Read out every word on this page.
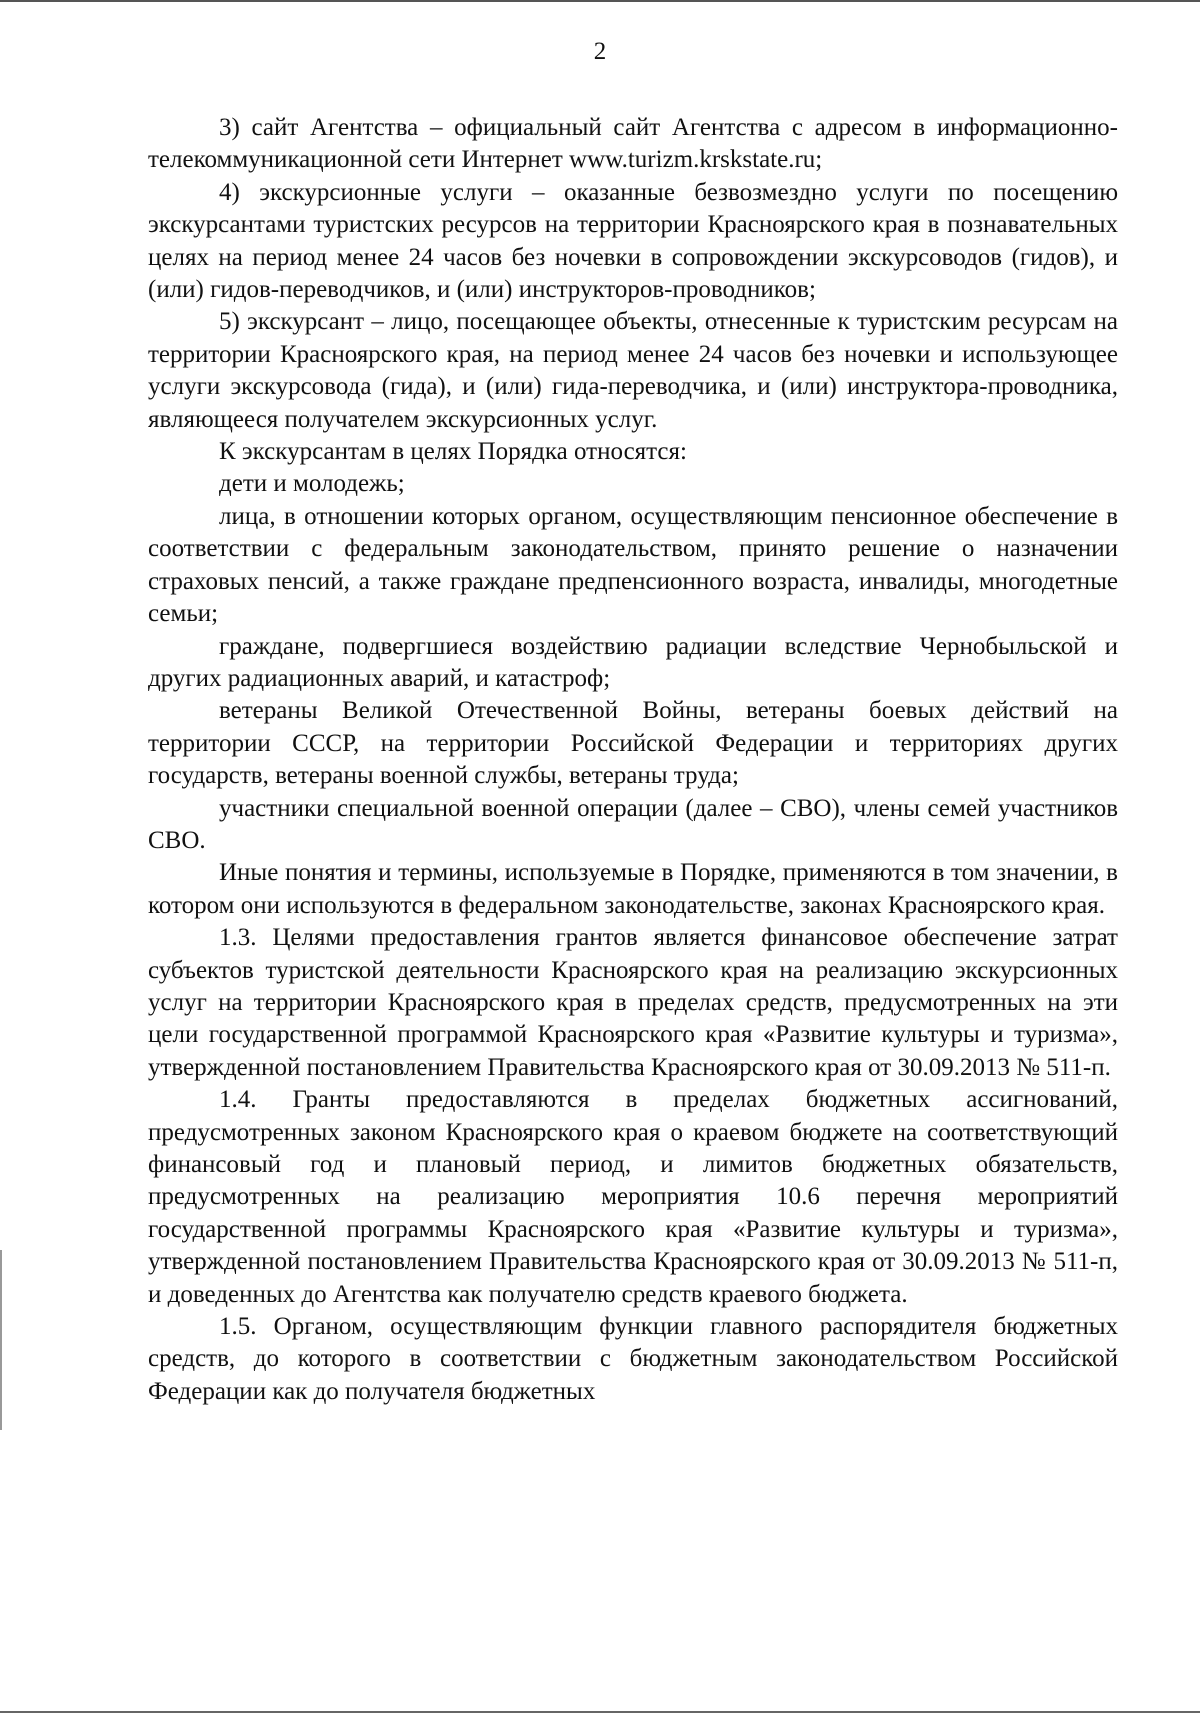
2

3) сайт Агентства – официальный сайт Агентства с адресом в информационно-телекоммуникационной сети Интернет www.turizm.krskstate.ru;

4) экскурсионные услуги – оказанные безвозмездно услуги по посещению экскурсантами туристских ресурсов на территории Красноярского края в познавательных целях на период менее 24 часов без ночевки в сопровождении экскурсоводов (гидов), и (или) гидов-переводчиков, и (или) инструкторов-проводников;

5) экскурсант – лицо, посещающее объекты, отнесенные к туристским ресурсам на территории Красноярского края, на период менее 24 часов без ночевки и использующее услуги экскурсовода (гида), и (или) гида-переводчика, и (или) инструктора-проводника, являющееся получателем экскурсионных услуг.

К экскурсантам в целях Порядка относятся:

дети и молодежь;

лица, в отношении которых органом, осуществляющим пенсионное обеспечение в соответствии с федеральным законодательством, принято решение о назначении страховых пенсий, а также граждане предпенсионного возраста, инвалиды, многодетные семьи;

граждане, подвергшиеся воздействию радиации вследствие Чернобыльской и других радиационных аварий, и катастроф;

ветераны Великой Отечественной Войны, ветераны боевых действий на территории СССР, на территории Российской Федерации и территориях других государств, ветераны военной службы, ветераны труда;

участники специальной военной операции (далее – СВО), члены семей участников СВО.

Иные понятия и термины, используемые в Порядке, применяются в том значении, в котором они используются в федеральном законодательстве, законах Красноярского края.

1.3. Целями предоставления грантов является финансовое обеспечение затрат субъектов туристской деятельности Красноярского края на реализацию экскурсионных услуг на территории Красноярского края в пределах средств, предусмотренных на эти цели государственной программой Красноярского края «Развитие культуры и туризма», утвержденной постановлением Правительства Красноярского края от 30.09.2013 № 511-п.

1.4. Гранты предоставляются в пределах бюджетных ассигнований, предусмотренных законом Красноярского края о краевом бюджете на соответствующий финансовый год и плановый период, и лимитов бюджетных обязательств, предусмотренных на реализацию мероприятия 10.6 перечня мероприятий государственной программы Красноярского края «Развитие культуры и туризма», утвержденной постановлением Правительства Красноярского края от 30.09.2013 № 511-п, и доведенных до Агентства как получателю средств краевого бюджета.

1.5. Органом, осуществляющим функции главного распорядителя бюджетных средств, до которого в соответствии с бюджетным законодательством Российской Федерации как до получателя бюджетных
